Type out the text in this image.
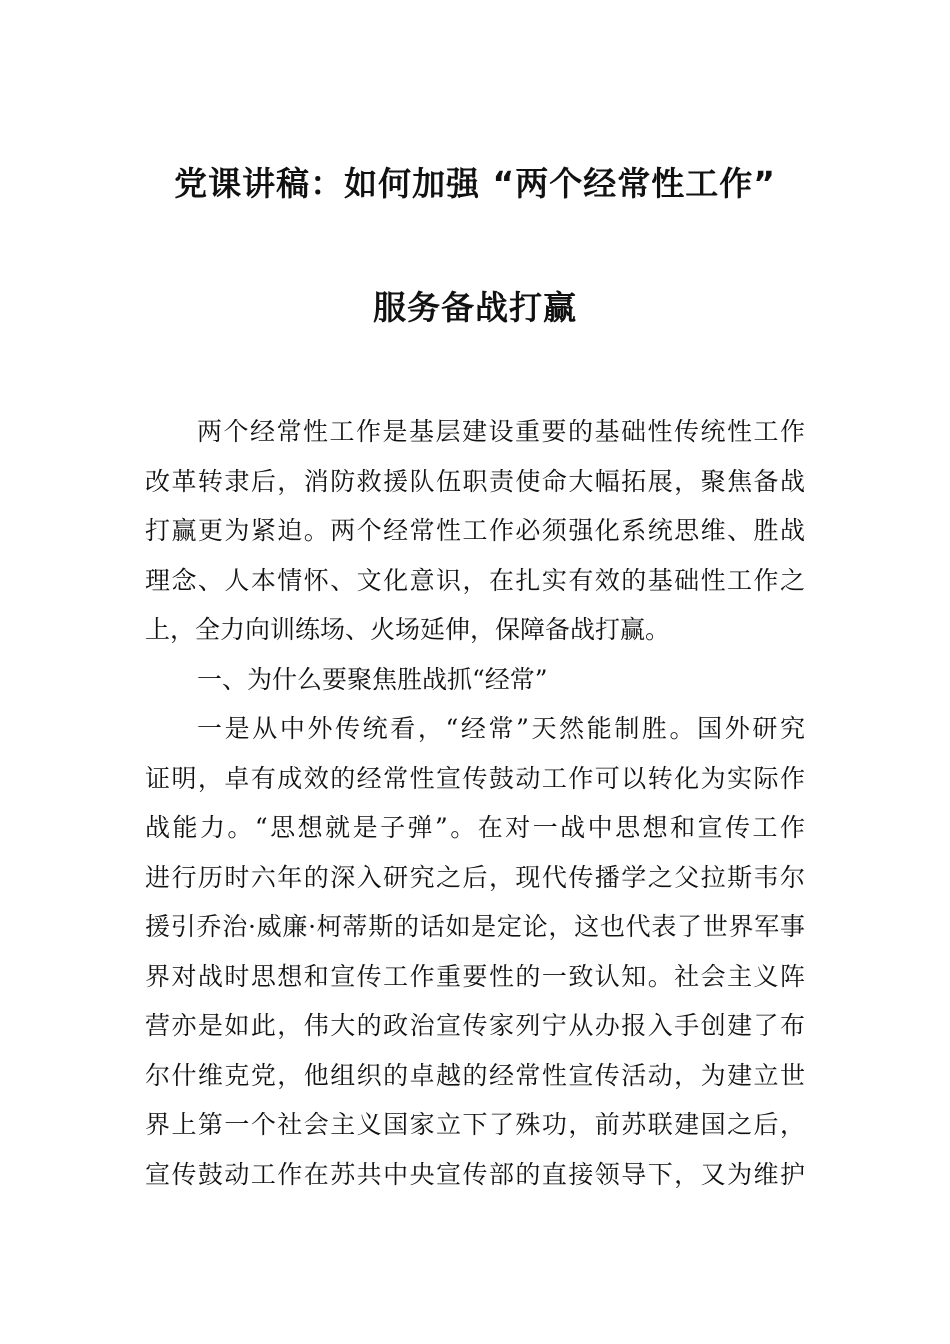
党课讲稿：如何加强 “两个经常性工作”
服务备战打赢
两个经常性工作是基层建设重要的基础性传统性工作
改革转隶后，消防救援队伍职责使命大幅拓展，聚焦备战
打赢更为紧迫。两个经常性工作必须强化系统思维、胜战
理念、人本情怀、文化意识，在扎实有效的基础性工作之
上，全力向训练场、火场延伸，保障备战打赢。
一、为什么要聚焦胜战抓“经常”
一是从中外传统看，“经常”天然能制胜。国外研究
证明，卓有成效的经常性宣传鼓动工作可以转化为实际作
战能力。“思想就是子弹”。在对一战中思想和宣传工作
进行历时六年的深入研究之后，现代传播学之父拉斯韦尔
援引乔治·威廉·柯蒂斯的话如是定论，这也代表了世界军事
界对战时思想和宣传工作重要性的一致认知。社会主义阵
营亦是如此，伟大的政治宣传家列宁从办报入手创建了布
尔什维克党，他组织的卓越的经常性宣传活动，为建立世
界上第一个社会主义国家立下了殊功，前苏联建国之后，
宣传鼓动工作在苏共中央宣传部的直接领导下，又为维护
